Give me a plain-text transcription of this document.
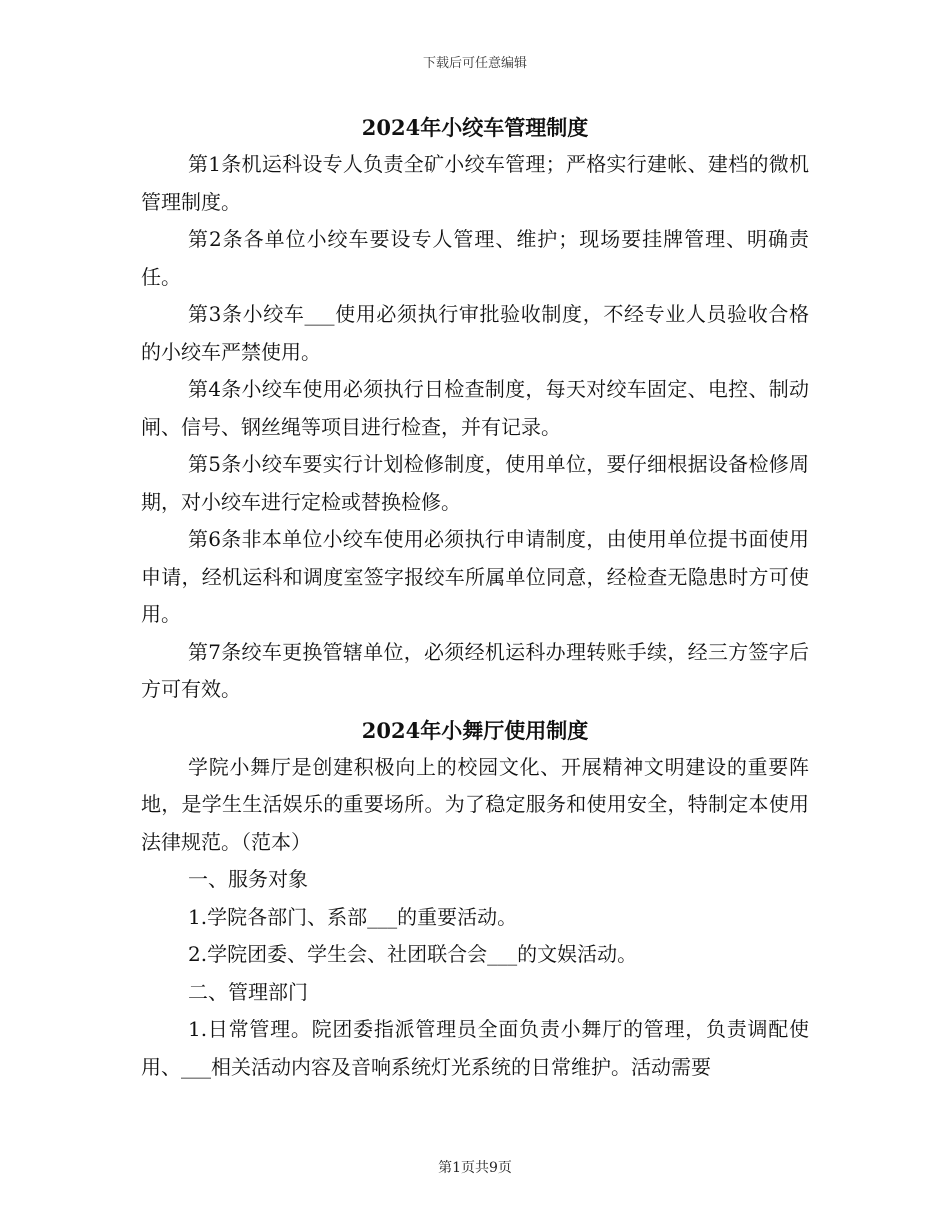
下载后可任意编辑
2024年小绞车管理制度

第1条机运科设专人负责全矿小绞车管理；严格实行建帐、建档的微机管理制度。

第2条各单位小绞车要设专人管理、维护；现场要挂牌管理、明确责任。

第3条小绞车___使用必须执行审批验收制度，不经专业人员验收合格的小绞车严禁使用。

第4条小绞车使用必须执行日检查制度，每天对绞车固定、电控、制动闸、信号、钢丝绳等项目进行检查，并有记录。

第5条小绞车要实行计划检修制度，使用单位，要仔细根据设备检修周期，对小绞车进行定检或替换检修。

第6条非本单位小绞车使用必须执行申请制度，由使用单位提书面使用申请，经机运科和调度室签字报绞车所属单位同意，经检查无隐患时方可使用。

第7条绞车更换管辖单位，必须经机运科办理转账手续，经三方签字后方可有效。

2024年小舞厅使用制度

学院小舞厅是创建积极向上的校园文化、开展精神文明建设的重要阵地，是学生生活娱乐的重要场所。为了稳定服务和使用安全，特制定本使用法律规范。（范本）

一、服务对象

1.学院各部门、系部___的重要活动。

2.学院团委、学生会、社团联合会___的文娱活动。

二、管理部门

1.日常管理。院团委指派管理员全面负责小舞厅的管理，负责调配使用、___相关活动内容及音响系统灯光系统的日常维护。活动需要

第1页共9页
